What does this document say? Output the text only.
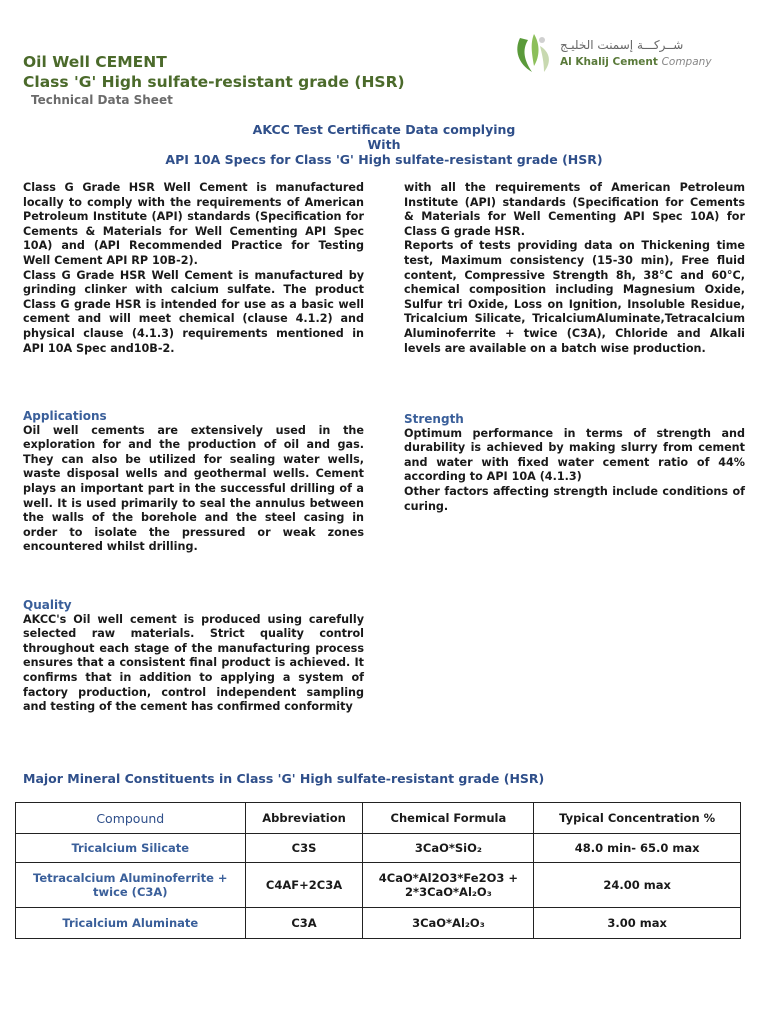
Oil Well CEMENT
Class 'G' High sulfate-resistant grade (HSR)
Technical Data Sheet
شــركـــة إسمنت الخليـج
Al Khalij Cement Company
AKCC Test Certificate Data complying
With
API 10A Specs for Class 'G' High sulfate-resistant grade (HSR)

Class G Grade HSR Well Cement is manufactured locally to comply with the requirements of American Petroleum Institute (API) standards (Specification for Cements & Materials for Well Cementing API Spec 10A) and (API Recommended Practice for Testing Well Cement API RP 10B-2).

Class G Grade HSR Well Cement is manufactured by grinding clinker with calcium sulfate. The product Class G grade HSR is intended for use as a basic well cement and will meet chemical (clause 4.1.2) and physical clause (4.1.3) requirements mentioned in API 10A Spec and10B-2.

Applications

Oil well cements are extensively used in the exploration for and the production of oil and gas. They can also be utilized for sealing water wells, waste disposal wells and geothermal wells. Cement plays an important part in the successful drilling of a well. It is used primarily to seal the annulus between the walls of the borehole and the steel casing in order to isolate the pressured or weak zones encountered whilst drilling.

Quality

AKCC's Oil well cement is produced using carefully selected raw materials. Strict quality control throughout each stage of the manufacturing process ensures that a consistent final product is achieved. It confirms that in addition to applying a system of factory production, control independent sampling and testing of the cement has confirmed conformity

with all the requirements of American Petroleum Institute (API) standards (Specification for Cements & Materials for Well Cementing API Spec 10A) for Class G grade HSR.

Reports of tests providing data on Thickening time test, Maximum consistency (15-30 min), Free fluid content, Compressive Strength 8h, 38°C and 60°C, chemical composition including Magnesium Oxide, Sulfur tri Oxide, Loss on Ignition, Insoluble Residue, Tricalcium Silicate, TricalciumAluminate,Tetracalcium Aluminoferrite + twice (C3A), Chloride and Alkali levels are available on a batch wise production.

Strength

Optimum performance in terms of strength and durability is achieved by making slurry from cement and water with fixed water cement ratio of 44% according to API 10A (4.1.3)

Other factors affecting strength include conditions of curing.

Major Mineral Constituents in Class 'G' High sulfate-resistant grade (HSR)
Compound	Abbreviation	Chemical Formula	Typical Concentration %
Tricalcium Silicate	C3S	3CaO*SiO₂	48.0 min- 65.0 max
Tetracalcium Aluminoferrite + twice (C3A)	C4AF+2C3A	4CaO*Al2O3*Fe2O3 + 2*3CaO*Al₂O₃	24.00 max
Tricalcium Aluminate	C3A	3CaO*Al₂O₃	3.00 max
